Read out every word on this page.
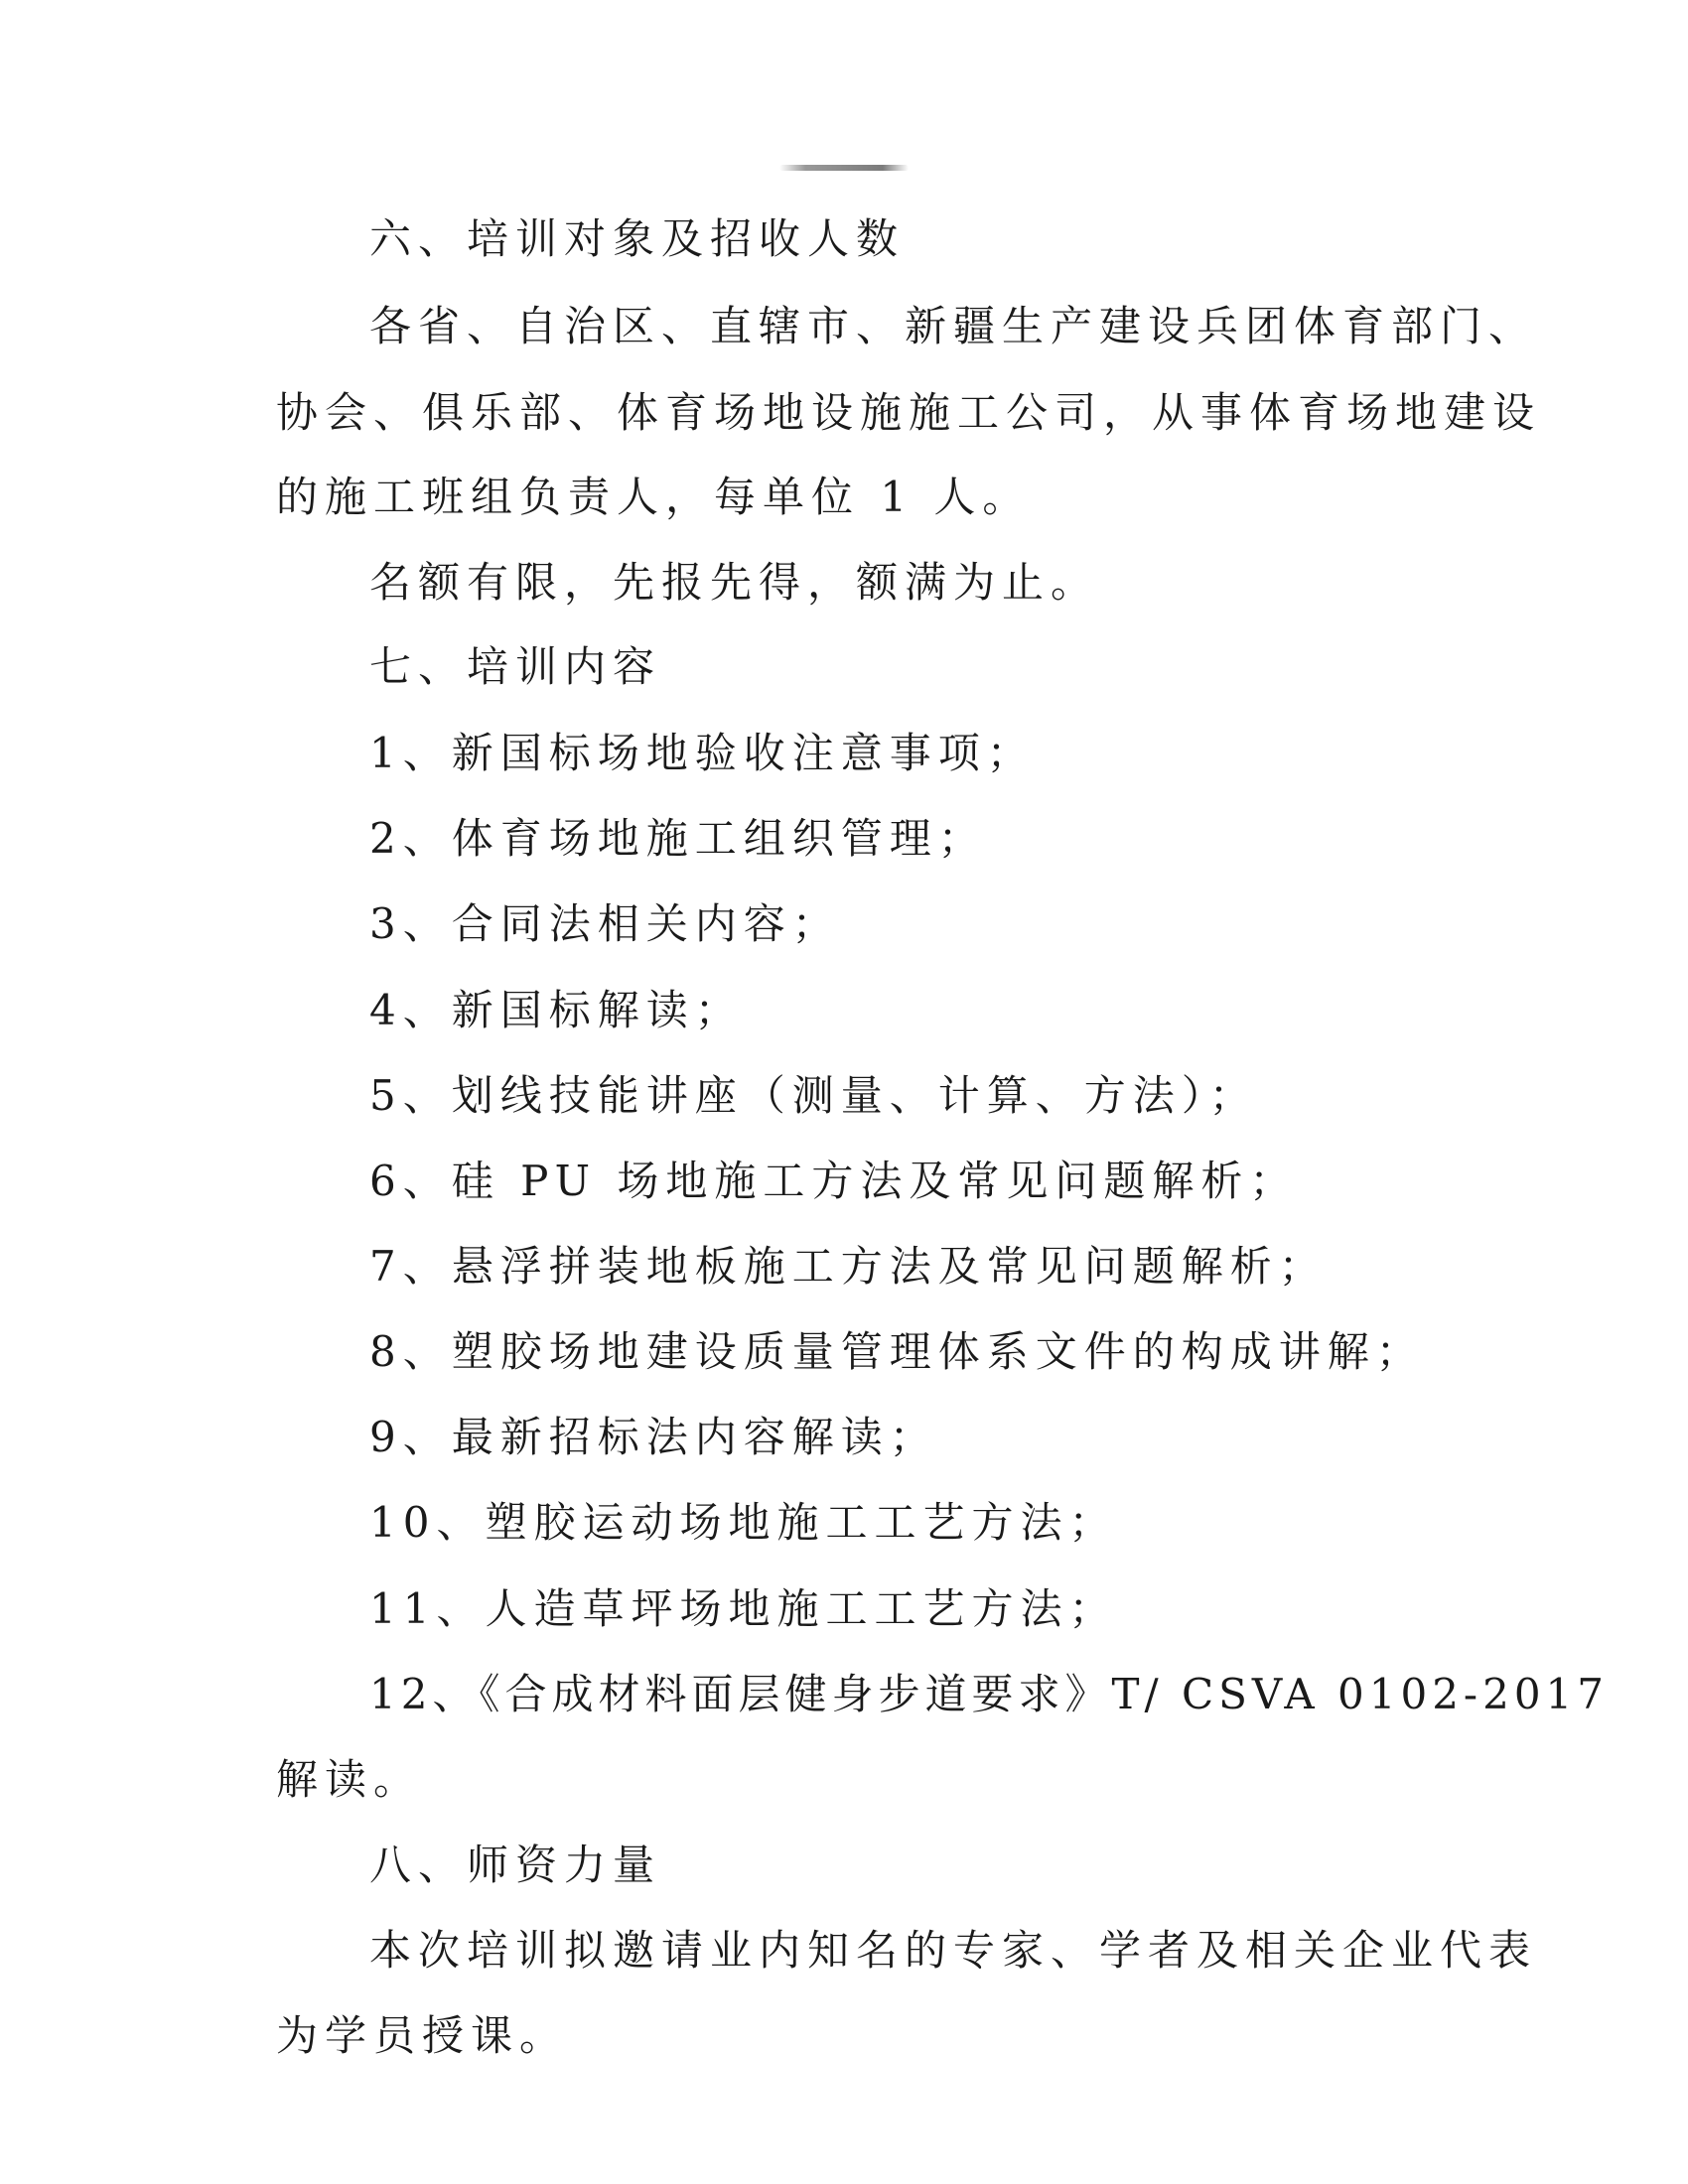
六、培训对象及招收人数
各省、自治区、直辖市、新疆生产建设兵团体育部门、
协会、俱乐部、体育场地设施施工公司，从事体育场地建设
的施工班组负责人，每单位 1 人。
名额有限，先报先得，额满为止。
七、培训内容
1、新国标场地验收注意事项；
2、体育场地施工组织管理；
3、合同法相关内容；
4、新国标解读；
5、划线技能讲座（测量、计算、方法）；
6、硅 PU 场地施工方法及常见问题解析；
7、悬浮拼装地板施工方法及常见问题解析；
8、塑胶场地建设质量管理体系文件的构成讲解；
9、最新招标法内容解读；
10、塑胶运动场地施工工艺方法；
11、人造草坪场地施工工艺方法；
12、《合成材料面层健身步道要求》T/ CSVA 0102-2017
解读。
八、师资力量
本次培训拟邀请业内知名的专家、学者及相关企业代表
为学员授课。
